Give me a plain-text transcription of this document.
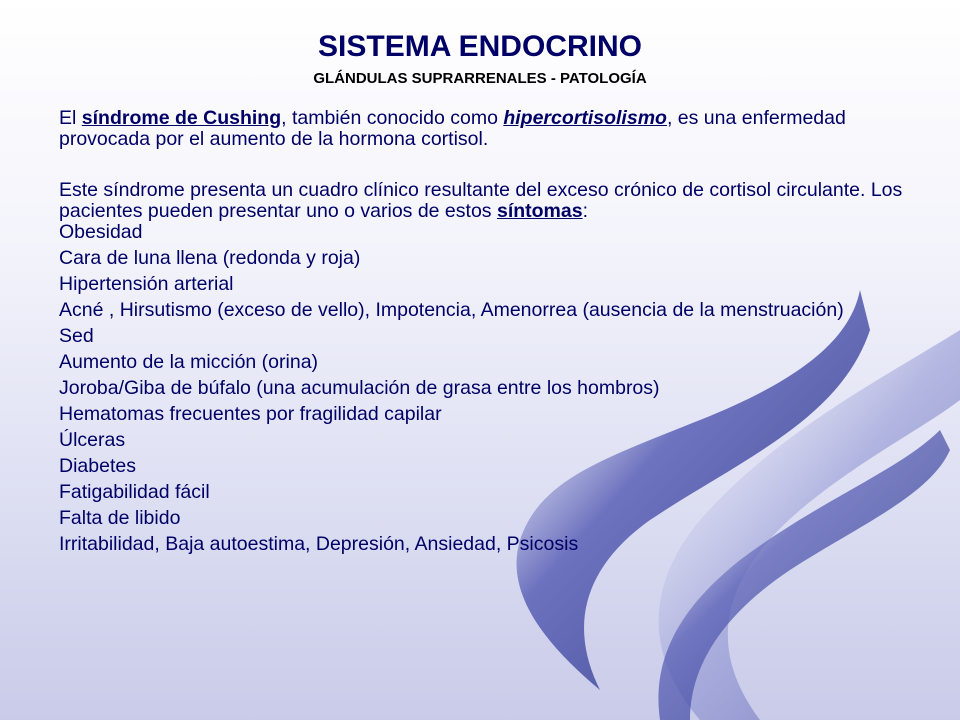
SISTEMA ENDOCRINO
GLÁNDULAS SUPRARRENALES - PATOLOGÍA

El síndrome de Cushing, también conocido como hipercortisolismo, es una enfermedad provocada por el aumento de la hormona cortisol.

Este síndrome presenta un cuadro clínico resultante del exceso crónico de cortisol circulante. Los pacientes pueden presentar uno o varios de estos síntomas:

Obesidad
Cara de luna llena (redonda y roja)
Hipertensión arterial
Acné , Hirsutismo (exceso de vello), Impotencia, Amenorrea (ausencia de la menstruación)
Sed
Aumento de la micción (orina)
Joroba/Giba de búfalo (una acumulación de grasa entre los hombros)
Hematomas frecuentes por fragilidad capilar
Úlceras
Diabetes
Fatigabilidad fácil
Falta de libido
Irritabilidad, Baja autoestima, Depresión, Ansiedad, Psicosis
